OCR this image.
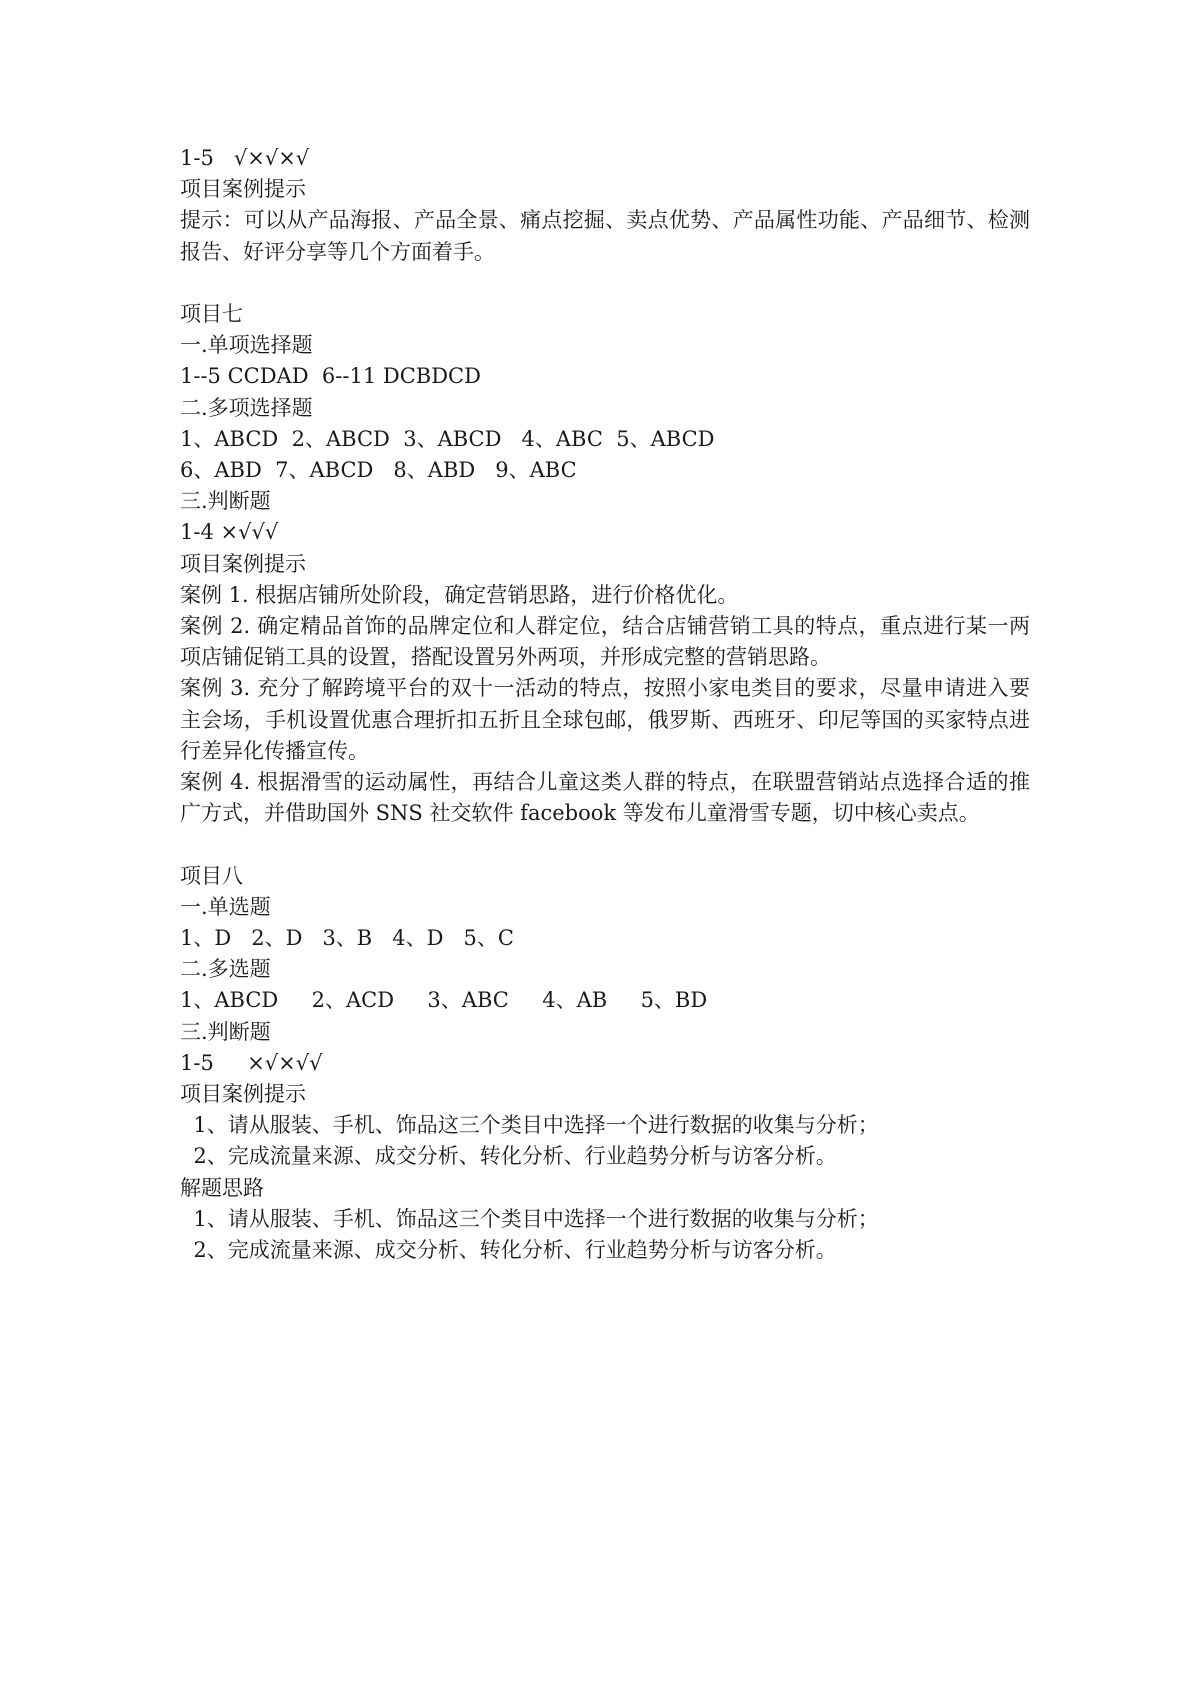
1-5   √×√×√

项目案例提示

提示：可以从产品海报、产品全景、痛点挖掘、卖点优势、产品属性功能、产品细节、检测报告、好评分享等几个方面着手。

项目七

一.单项选择题

1--5 CCDAD  6--11 DCBDCD

二.多项选择题

1、ABCD  2、ABCD  3、ABCD   4、ABC  5、ABCD

6、ABD  7、ABCD   8、ABD   9、ABC

三.判断题

1-4 ×√√√

项目案例提示

案例 1. 根据店铺所处阶段，确定营销思路，进行价格优化。

案例 2. 确定精品首饰的品牌定位和人群定位，结合店铺营销工具的特点，重点进行某一两项店铺促销工具的设置，搭配设置另外两项，并形成完整的营销思路。

案例 3. 充分了解跨境平台的双十一活动的特点，按照小家电类目的要求，尽量申请进入要主会场，手机设置优惠合理折扣五折且全球包邮，俄罗斯、西班牙、印尼等国的买家特点进行差异化传播宣传。

案例 4. 根据滑雪的运动属性，再结合儿童这类人群的特点，在联盟营销站点选择合适的推广方式，并借助国外 SNS 社交软件 facebook 等发布儿童滑雪专题，切中核心卖点。

项目八

一.单选题

1、D   2、D   3、B   4、D   5、C

二.多选题

1、ABCD     2、ACD     3、ABC     4、AB     5、BD

三.判断题

1-5     ×√×√√

项目案例提示

1、请从服装、手机、饰品这三个类目中选择一个进行数据的收集与分析；

2、完成流量来源、成交分析、转化分析、行业趋势分析与访客分析。

解题思路

1、请从服装、手机、饰品这三个类目中选择一个进行数据的收集与分析；

2、完成流量来源、成交分析、转化分析、行业趋势分析与访客分析。
